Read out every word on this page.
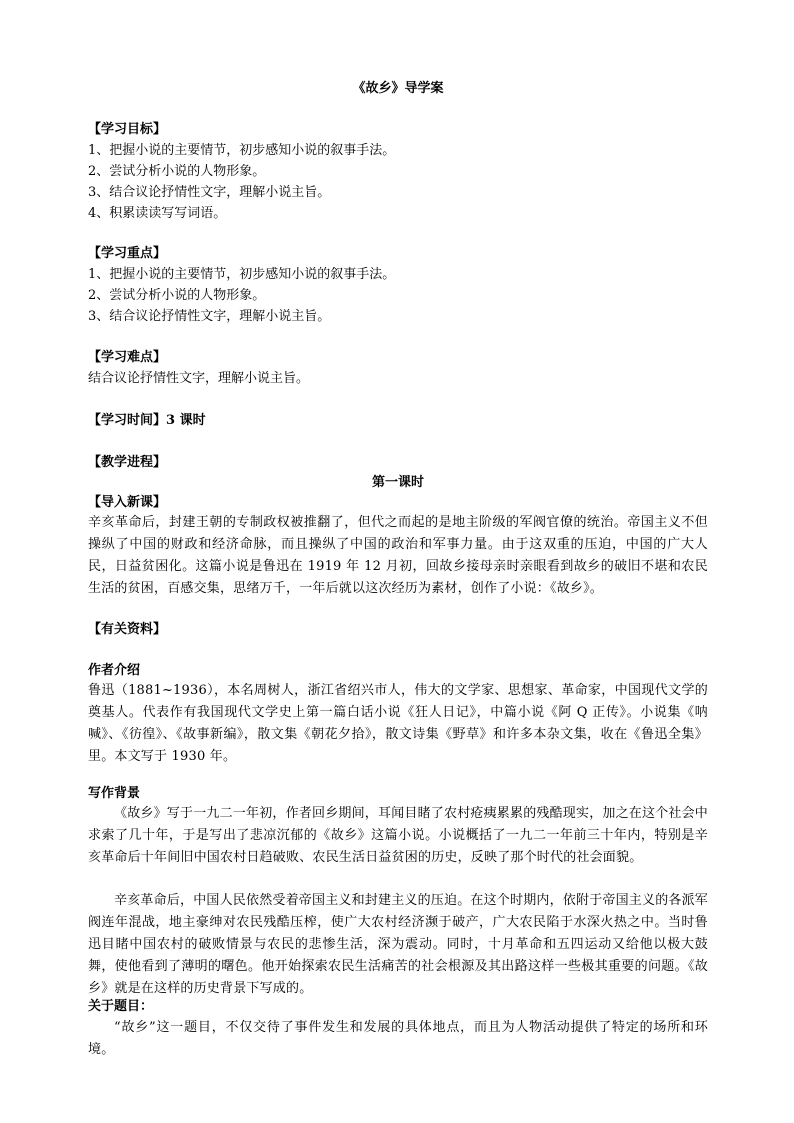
《故乡》导学案
【学习目标】
1、把握小说的主要情节，初步感知小说的叙事手法。
2、尝试分析小说的人物形象。
3、结合议论抒情性文字，理解小说主旨。
4、积累读读写写词语。
【学习重点】
1、把握小说的主要情节，初步感知小说的叙事手法。
2、尝试分析小说的人物形象。
3、结合议论抒情性文字，理解小说主旨。
【学习难点】
结合议论抒情性文字，理解小说主旨。
【学习时间】3 课时
【教学进程】
第一课时
【导入新课】
辛亥革命后，封建王朝的专制政权被推翻了，但代之而起的是地主阶级的军阀官僚的统治。帝国主义不但操纵了中国的财政和经济命脉，而且操纵了中国的政治和军事力量。由于这双重的压迫，中国的广大人民，日益贫困化。这篇小说是鲁迅在 1919 年 12 月初，回故乡接母亲时亲眼看到故乡的破旧不堪和农民生活的贫困，百感交集，思绪万千，一年后就以这次经历为素材，创作了小说：《故乡》。
【有关资料】
作者介绍
鲁迅（1881~1936），本名周树人，浙江省绍兴市人，伟大的文学家、思想家、革命家，中国现代文学的奠基人。代表作有我国现代文学史上第一篇白话小说《狂人日记》，中篇小说《阿 Q 正传》。小说集《呐喊》、《彷徨》、《故事新编》，散文集《朝花夕拾》，散文诗集《野草》和许多本杂文集，收在《鲁迅全集》里。本文写于 1930 年。
写作背景
《故乡》写于一九二一年初，作者回乡期间，耳闻目睹了农村疮痍累累的残酷现实，加之在这个社会中求索了几十年，于是写出了悲凉沉郁的《故乡》这篇小说。小说概括了一九二一年前三十年内，特别是辛亥革命后十年间旧中国农村日趋破败、农民生活日益贫困的历史，反映了那个时代的社会面貌。
辛亥革命后，中国人民依然受着帝国主义和封建主义的压迫。在这个时期内，依附于帝国主义的各派军阀连年混战，地主豪绅对农民残酷压榨，使广大农村经济濒于破产，广大农民陷于水深火热之中。当时鲁迅目睹中国农村的破败情景与农民的悲惨生活，深为震动。同时，十月革命和五四运动又给他以极大鼓舞，使他看到了薄明的曙色。他开始探索农民生活痛苦的社会根源及其出路这样一些极其重要的问题。《故乡》就是在这样的历史背景下写成的。
关于题目：
“故乡”这一题目，不仅交待了事件发生和发展的具体地点，而且为人物活动提供了特定的场所和环境。
